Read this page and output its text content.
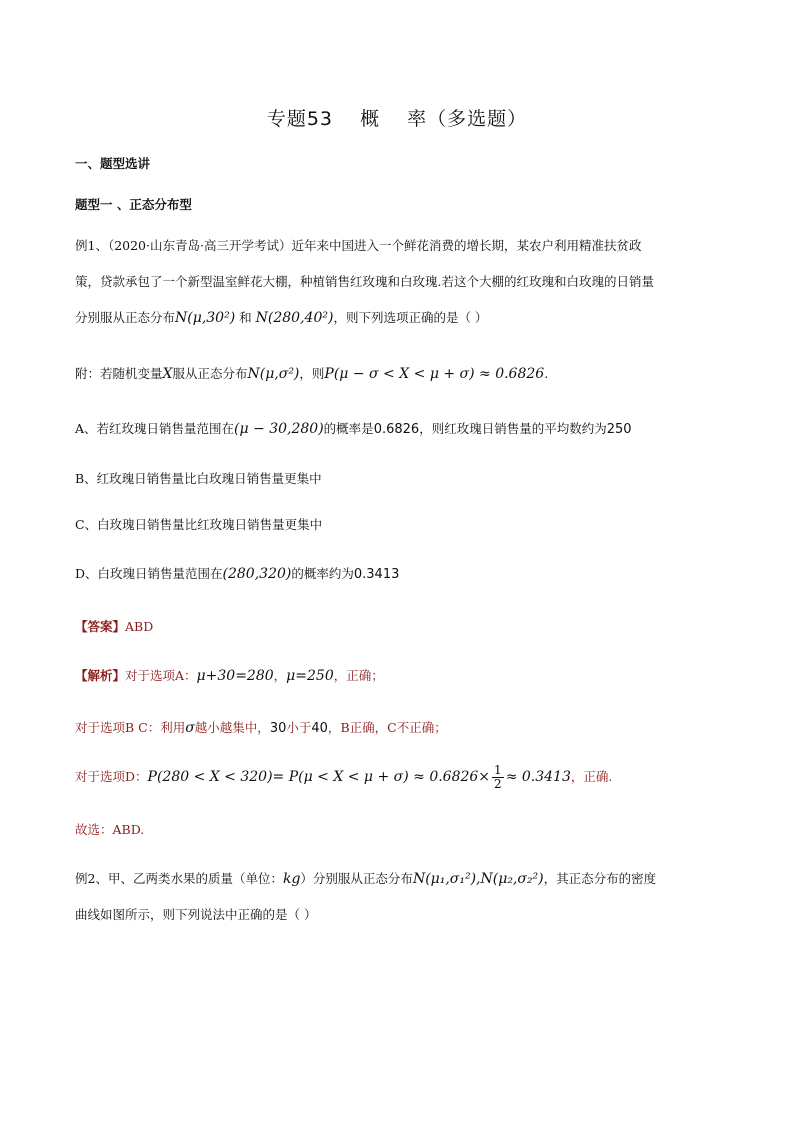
专题53 概 率（多选题）
一、题型选讲
题型一 、正态分布型
例1、（2020·山东青岛·高三开学考试）近年来中国进入一个鲜花消费的增长期，某农户利用精准扶贫政
策，贷款承包了一个新型温室鲜花大棚，种植销售红玫瑰和白玫瑰.若这个大棚的红玫瑰和白玫瑰的日销量
分别服从正态分布N(μ,30²) 和 N(280,40²)，则下列选项正确的是（ ）
附：若随机变量X服从正态分布N(μ,σ²)，则P(μ − σ < X < μ + σ) ≈ 0.6826.
A、若红玫瑰日销售量范围在(μ − 30,280)的概率是0.6826，则红玫瑰日销售量的平均数约为250
B、红玫瑰日销售量比白玫瑰日销售量更集中
C、白玫瑰日销售量比红玫瑰日销售量更集中
D、白玫瑰日销售量范围在(280,320)的概率约为0.3413
【答案】ABD
【解析】对于选项A：μ+30=280，μ=250，正确；
对于选项B C：利用σ越小越集中，30小于40，B正确，C不正确；
对于选项D：$P(280 < X < 320)= P(\mu < X < \mu + \sigma) \approx 0.6826\times \frac{1}{2} \approx 0.3413$，正确.
故选：ABD.
例2、甲、乙两类水果的质量（单位：kg）分别服从正态分布N(μ₁,σ₁²),N(μ₂,σ₂²)，其正态分布的密度
曲线如图所示，则下列说法中正确的是（ ）
